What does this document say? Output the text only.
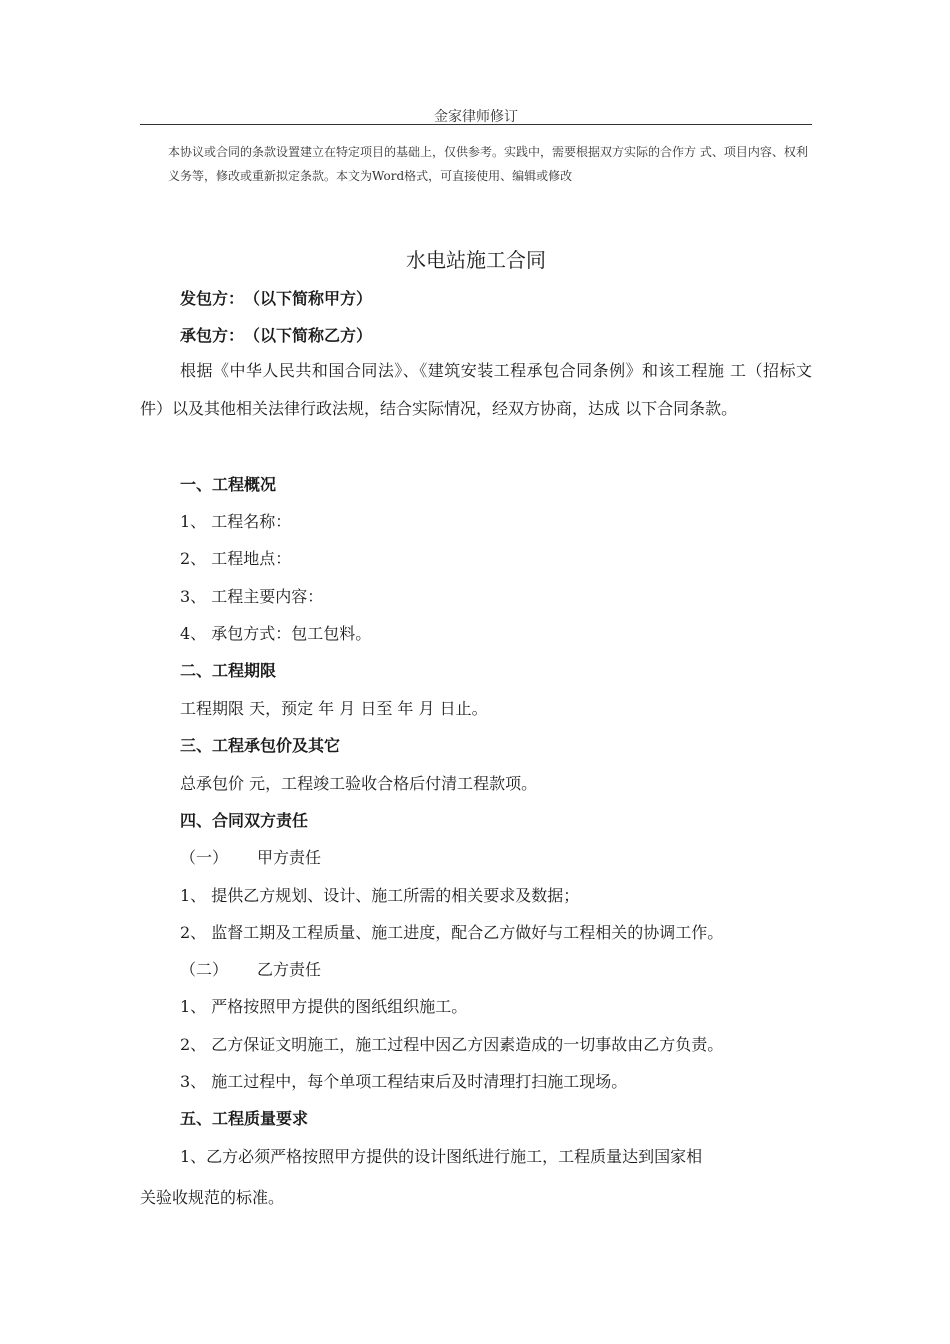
金家律师修订
本协议或合同的条款设置建立在特定项目的基础上，仅供参考。实践中，需要根据双方实际的合作方 式、项目内容、权利义务等，修改或重新拟定条款。本文为Word格式，可直接使用、编辑或修改
水电站施工合同
发包方：　（以下简称甲方）
承包方：　（以下简称乙方）
根据《中华人民共和国合同法》、《建筑安装工程承包合同条例》和该工程施 工（招标文件）以及其他相关法律行政法规，结合实际情况，经双方协商，达成 以下合同条款。
一、工程概况
1、 工程名称：
2、 工程地点：
3、 工程主要内容：
4、 承包方式：包工包料。
二、工程期限
工程期限 天，预定 年 月 日至 年 月 日止。
三、工程承包价及其它
总承包价 元，工程竣工验收合格后付清工程款项。
四、合同双方责任
（一） 甲方责任
1、 提供乙方规划、设计、施工所需的相关要求及数据；
2、 监督工期及工程质量、施工进度，配合乙方做好与工程相关的协调工作。
（二） 乙方责任
1、 严格按照甲方提供的图纸组织施工。
2、 乙方保证文明施工，施工过程中因乙方因素造成的一切事故由乙方负责。
3、 施工过程中，每个单项工程结束后及时清理打扫施工现场。
五、工程质量要求
1、乙方必须严格按照甲方提供的设计图纸进行施工，工程质量达到国家相
关验收规范的标准。
